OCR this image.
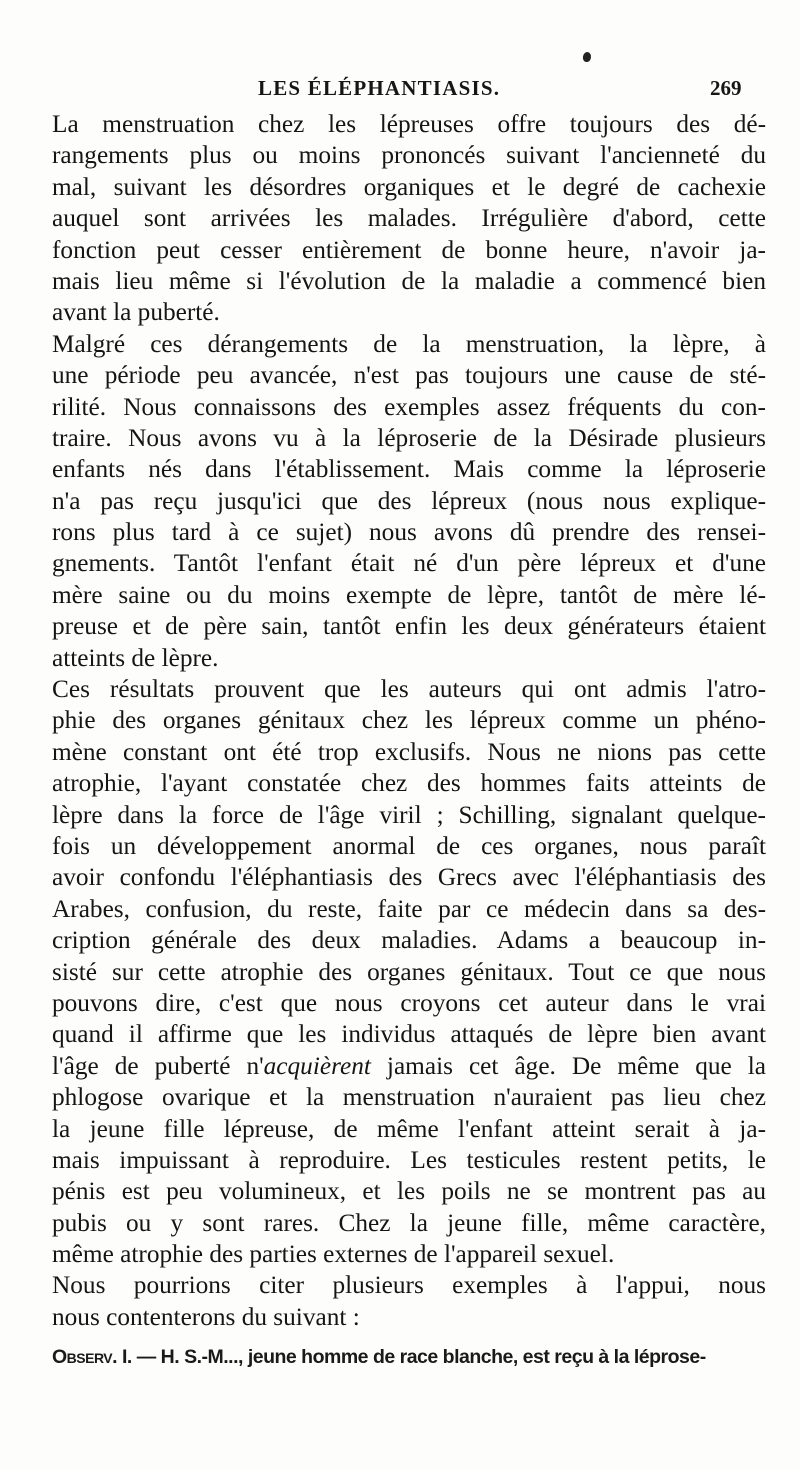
LES ÉLÉPHANTIASIS.	269
La menstruation chez les lépreuses offre toujours des dé-
rangements plus ou moins prononcés suivant l'ancienneté du
mal, suivant les désordres organiques et le degré de cachexie
auquel sont arrivées les malades. Irrégulière d'abord, cette
fonction peut cesser entièrement de bonne heure, n'avoir ja-
mais lieu même si l'évolution de la maladie a commencé bien
avant la puberté.
Malgré ces dérangements de la menstruation, la lèpre, à
une période peu avancée, n'est pas toujours une cause de sté-
rilité. Nous connaissons des exemples assez fréquents du con-
traire. Nous avons vu à la léproserie de la Désirade plusieurs
enfants nés dans l'établissement. Mais comme la léproserie
n'a pas reçu jusqu'ici que des lépreux (nous nous explique-
rons plus tard à ce sujet) nous avons dû prendre des rensei-
gnements. Tantôt l'enfant était né d'un père lépreux et d'une
mère saine ou du moins exempte de lèpre, tantôt de mère lé-
preuse et de père sain, tantôt enfin les deux générateurs étaient
atteints de lèpre.
Ces résultats prouvent que les auteurs qui ont admis l'atro-
phie des organes génitaux chez les lépreux comme un phéno-
mène constant ont été trop exclusifs. Nous ne nions pas cette
atrophie, l'ayant constatée chez des hommes faits atteints de
lèpre dans la force de l'âge viril ; Schilling, signalant quelque-
fois un développement anormal de ces organes, nous paraît
avoir confondu l'éléphantiasis des Grecs avec l'éléphantiasis des
Arabes, confusion, du reste, faite par ce médecin dans sa des-
cription générale des deux maladies. Adams a beaucoup in-
sisté sur cette atrophie des organes génitaux. Tout ce que nous
pouvons dire, c'est que nous croyons cet auteur dans le vrai
quand il affirme que les individus attaqués de lèpre bien avant
l'âge de puberté n'acquièrent jamais cet âge. De même que la
phlogose ovarique et la menstruation n'auraient pas lieu chez
la jeune fille lépreuse, de même l'enfant atteint serait à ja-
mais impuissant à reproduire. Les testicules restent petits, le
pénis est peu volumineux, et les poils ne se montrent pas au
pubis ou y sont rares. Chez la jeune fille, même caractère,
même atrophie des parties externes de l'appareil sexuel.
Nous pourrions citer plusieurs exemples à l'appui, nous
nous contenterons du suivant :
Observ. I. — H. S.-M..., jeune homme de race blanche, est reçu à la léprose-
